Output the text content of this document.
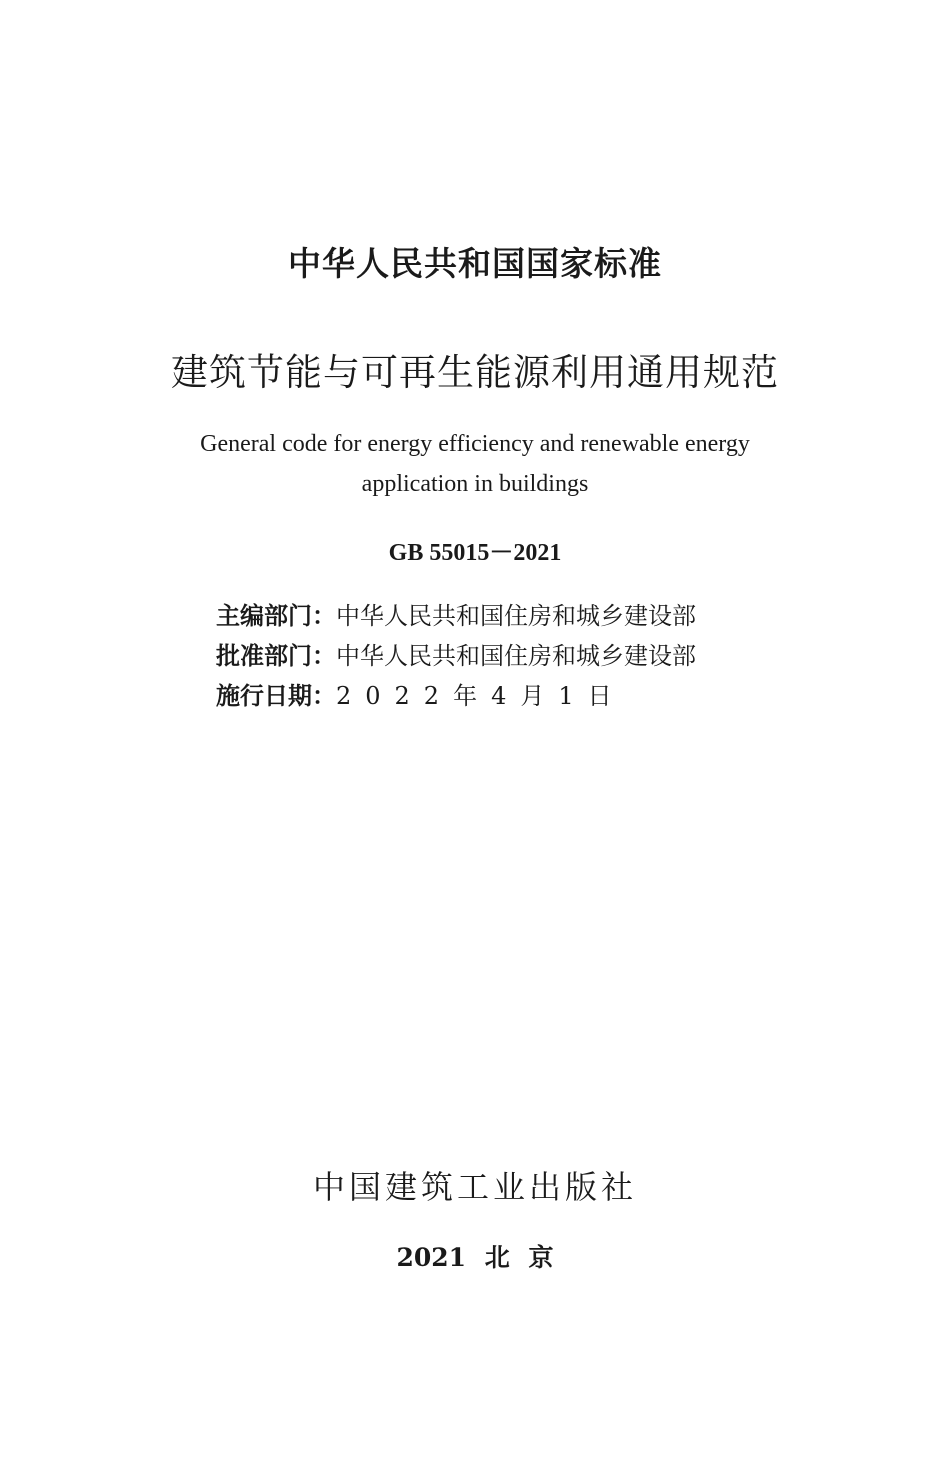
中华人民共和国国家标准
建筑节能与可再生能源利用通用规范
General code for energy efficiency and renewable energy
application in buildings
GB 55015－2021
主编部门：中华人民共和国住房和城乡建设部
批准部门：中华人民共和国住房和城乡建设部
施行日期：2022年4月1日
中国建筑工业出版社
2021 北 京
